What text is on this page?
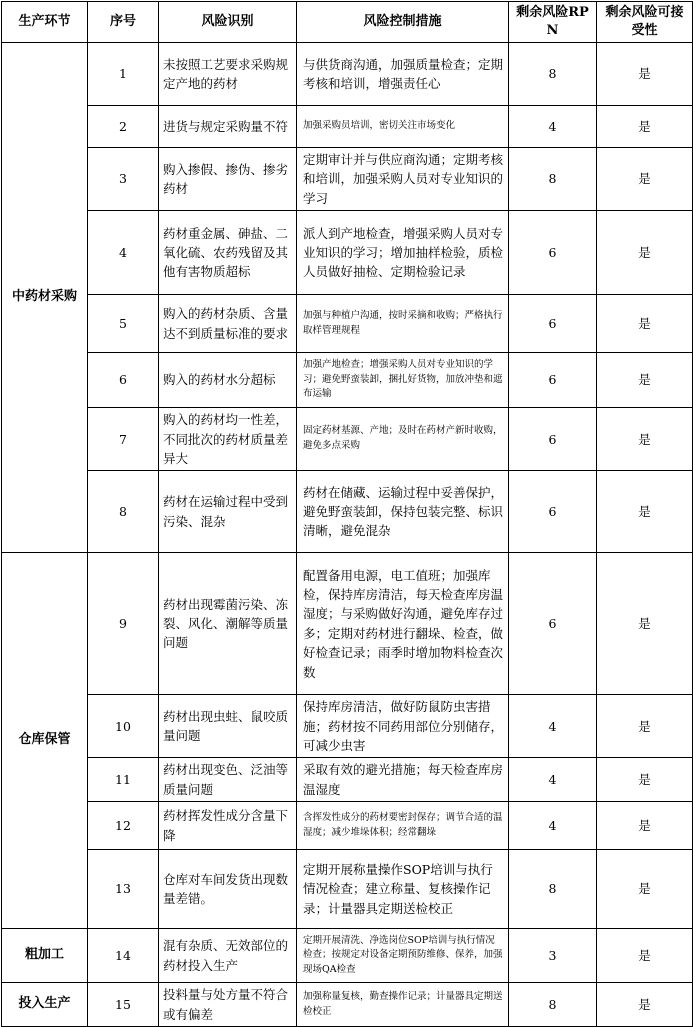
生产环节	序号	风险识别	风险控制措施	剩余风险RPN	剩余风险可接受性
中药材采购	1	未按照工艺要求采购规定产地的药材	与供货商沟通，加强质量检查；定期考核和培训，增强责任心	8	是
	2	进货与规定采购量不符	加强采购员培训，密切关注市场变化	4	是
	3	购入掺假、掺伪、掺劣药材	定期审计并与供应商沟通；定期考核和培训，加强采购人员对专业知识的学习	8	是
	4	药材重金属、砷盐、二氧化硫、农药残留及其他有害物质超标	派人到产地检查，增强采购人员对专业知识的学习；增加抽样检验，质检人员做好抽检、定期检验记录	6	是
	5	购入的药材杂质、含量达不到质量标准的要求	加强与种植户沟通，按时采摘和收购；严格执行取样管理规程	6	是
	6	购入的药材水分超标	加强产地检查；增强采购人员对专业知识的学习；避免野蛮装卸，捆扎好货物，加放冲垫和遮布运输	6	是
	7	购入的药材均一性差，不同批次的药材质量差异大	固定药材基源、产地；及时在药材产新时收购，避免多点采购	6	是
	8	药材在运输过程中受到污染、混杂	药材在储藏、运输过程中妥善保护，避免野蛮装卸，保持包装完整、标识清晰，避免混杂	6	是
仓库保管	9	药材出现霉菌污染、冻裂、风化、潮解等质量问题	配置备用电源，电工值班；加强库检，保持库房清洁，每天检查库房温湿度；与采购做好沟通，避免库存过多；定期对药材进行翻垛、检查，做好检查记录；雨季时增加物料检查次数	6	是
	10	药材出现虫蛀、鼠咬质量问题	保持库房清洁，做好防鼠防虫害措施；药材按不同药用部位分别储存，可减少虫害	4	是
	11	药材出现变色、泛油等质量问题	采取有效的避光措施；每天检查库房温湿度	4	是
	12	药材挥发性成分含量下降	含挥发性成分的药材要密封保存；调节合适的温湿度；减少堆垛体积；经常翻垛	4	是
	13	仓库对车间发货出现数量差错。	定期开展称量操作SOP培训与执行情况检查；建立称量、复核操作记录；计量器具定期送检校正	8	是
粗加工	14	混有杂质、无效部位的药材投入生产	定期开展清洗、净选岗位SOP培训与执行情况检查；按规定对设备定期预防维修、保养，加强现场QA检查	3	是
投入生产	15	投料量与处方量不符合或有偏差	加强称量复核，勤查操作记录；计量器具定期送检校正	8	是
